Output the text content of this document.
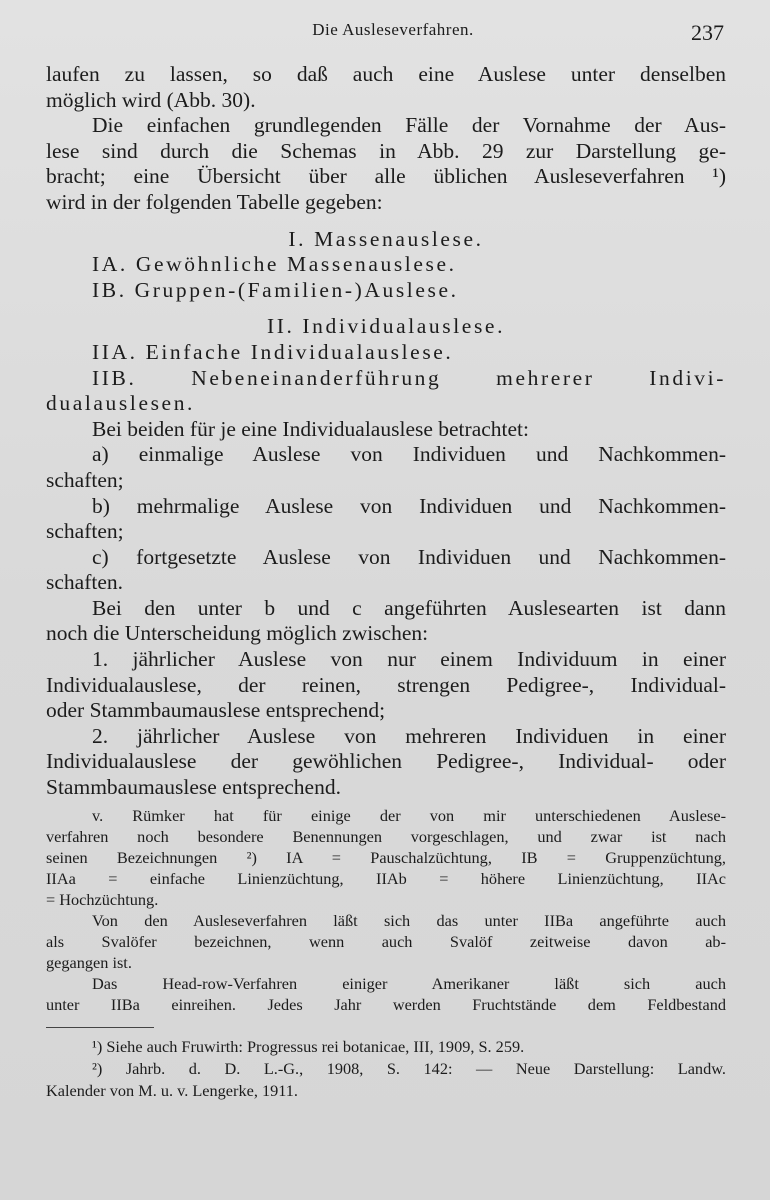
Die Ausleseverfahren.	237
laufen zu lassen, so daß auch eine Auslese unter denselben
möglich wird (Abb. 30).
Die einfachen grundlegenden Fälle der Vornahme der Aus-
lese sind durch die Schemas in Abb. 29 zur Darstellung ge-
bracht; eine Übersicht über alle üblichen Ausleseverfahren ¹)
wird in der folgenden Tabelle gegeben:
I. Massenauslese.
IA. Gewöhnliche Massenauslese.
IB. Gruppen-(Familien-)Auslese.
II. Individualauslese.
IIA. Einfache Individualauslese.
IIB. Nebeneinanderführung mehrerer Indivi-
dualauslesen.
Bei beiden für je eine Individualauslese betrachtet:
a) einmalige Auslese von Individuen und Nachkommen-
schaften;
b) mehrmalige Auslese von Individuen und Nachkommen-
schaften;
c) fortgesetzte Auslese von Individuen und Nachkommen-
schaften.
Bei den unter b und c angeführten Auslesearten ist dann
noch die Unterscheidung möglich zwischen:
1. jährlicher Auslese von nur einem Individuum in einer
Individualauslese, der reinen, strengen Pedigree-, Individual-
oder Stammbaumauslese entsprechend;
2. jährlicher Auslese von mehreren Individuen in einer
Individualauslese der gewöhlichen Pedigree-, Individual- oder
Stammbaumauslese entsprechend.
v. Rümker hat für einige der von mir unterschiedenen Auslese-
verfahren noch besondere Benennungen vorgeschlagen, und zwar ist nach
seinen Bezeichnungen ²) IA = Pauschalzüchtung, IB = Gruppenzüchtung,
IIAa = einfache Linienzüchtung, IIAb = höhere Linienzüchtung, IIAc
= Hochzüchtung.
Von den Ausleseverfahren läßt sich das unter IIBa angeführte auch
als Svalöfer bezeichnen, wenn auch Svalöf zeitweise davon ab-
gegangen ist.
Das Head-row-Verfahren einiger Amerikaner läßt sich auch
unter IIBa einreihen. Jedes Jahr werden Fruchtstände dem Feldbestand
¹) Siehe auch Fruwirth: Progressus rei botanicae, III, 1909, S. 259.
²) Jahrb. d. D. L.-G., 1908, S. 142: — Neue Darstellung: Landw.
Kalender von M. u. v. Lengerke, 1911.
